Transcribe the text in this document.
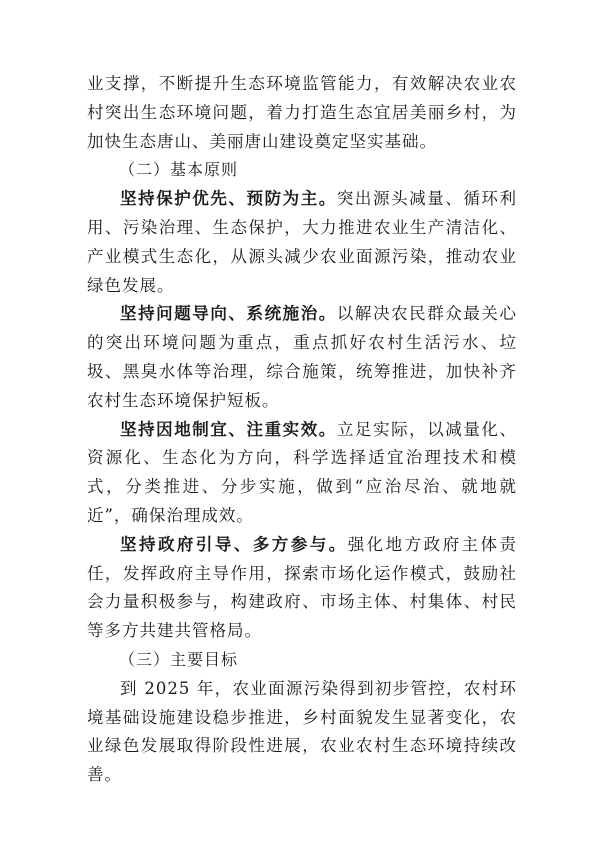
业支撑，不断提升生态环境监管能力，有效解决农业农村突出生态环境问题，着力打造生态宜居美丽乡村，为加快生态唐山、美丽唐山建设奠定坚实基础。

（二）基本原则

坚持保护优先、预防为主。突出源头减量、循环利用、污染治理、生态保护，大力推进农业生产清洁化、产业模式生态化，从源头减少农业面源污染，推动农业绿色发展。

坚持问题导向、系统施治。以解决农民群众最关心的突出环境问题为重点，重点抓好农村生活污水、垃圾、黑臭水体等治理，综合施策，统筹推进，加快补齐农村生态环境保护短板。

坚持因地制宜、注重实效。立足实际，以减量化、资源化、生态化为方向，科学选择适宜治理技术和模式，分类推进、分步实施，做到“应治尽治、就地就近”，确保治理成效。

坚持政府引导、多方参与。强化地方政府主体责任，发挥政府主导作用，探索市场化运作模式，鼓励社会力量积极参与，构建政府、市场主体、村集体、村民等多方共建共管格局。

（三）主要目标

到 2025 年，农业面源污染得到初步管控，农村环境基础设施建设稳步推进，乡村面貌发生显著变化，农业绿色发展取得阶段性进展，农业农村生态环境持续改善。
